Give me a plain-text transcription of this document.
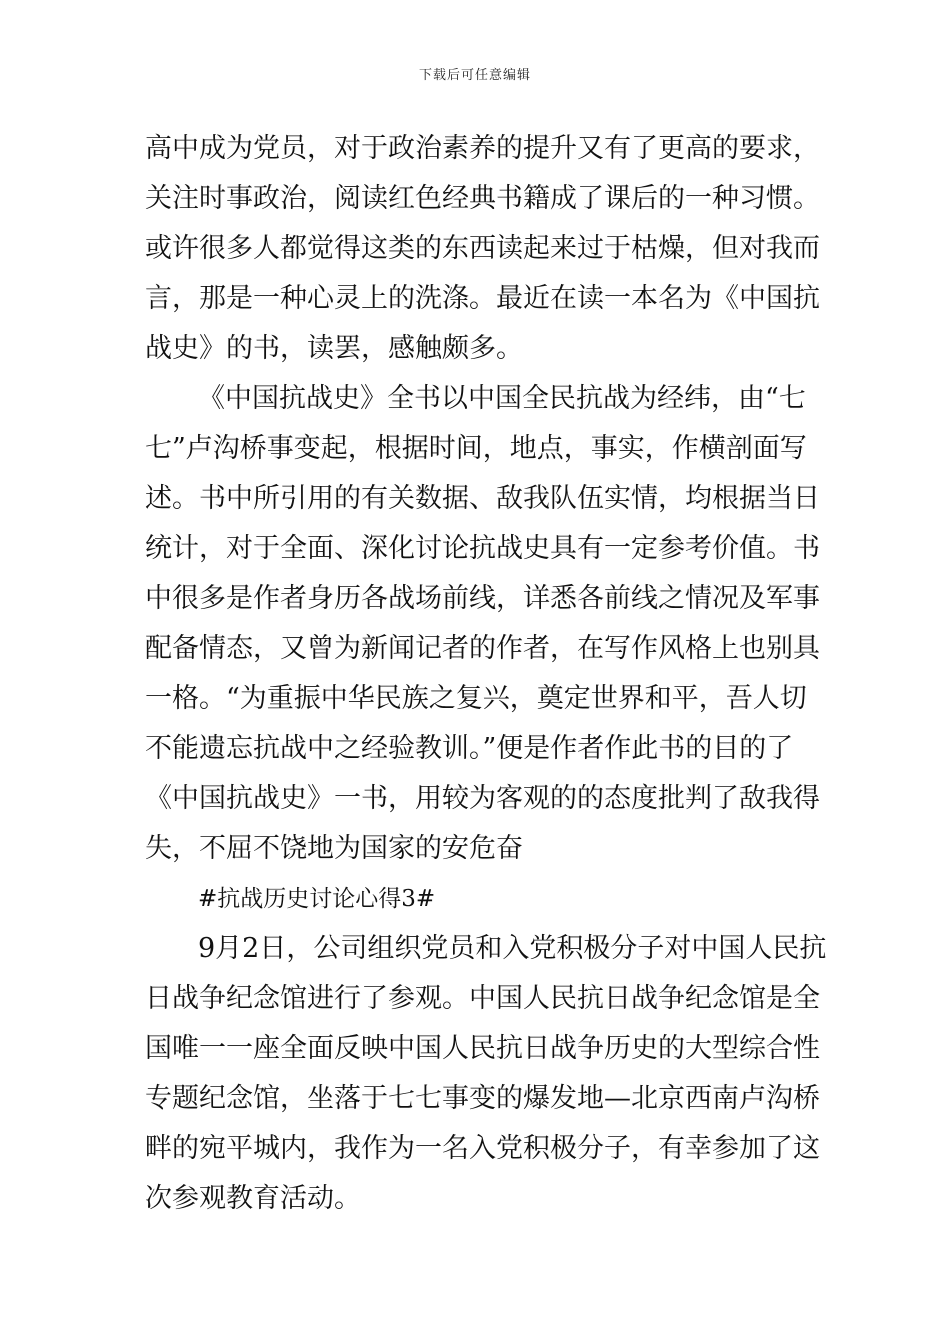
下载后可任意编辑
高中成为党员，对于政治素养的提升又有了更高的要求，
关注时事政治，阅读红色经典书籍成了课后的一种习惯。
或许很多人都觉得这类的东西读起来过于枯燥，但对我而
言，那是一种心灵上的洗涤。最近在读一本名为《中国抗
战史》的书，读罢，感触颇多。
《中国抗战史》全书以中国全民抗战为经纬，由“七
七”卢沟桥事变起，根据时间，地点，事实，作横剖面写
述。书中所引用的有关数据、敌我队伍实情，均根据当日
统计，对于全面、深化讨论抗战史具有一定参考价值。书
中很多是作者身历各战场前线，详悉各前线之情况及军事
配备情态，又曾为新闻记者的作者，在写作风格上也别具
一格。“为重振中华民族之复兴，奠定世界和平，吾人切
不能遗忘抗战中之经验教训。”便是作者作此书的目的了
《中国抗战史》一书，用较为客观的的态度批判了敌我得
失，不屈不饶地为国家的安危奋
#抗战历史讨论心得3#
9月2日，公司组织党员和入党积极分子对中国人民抗
日战争纪念馆进行了参观。中国人民抗日战争纪念馆是全
国唯一一座全面反映中国人民抗日战争历史的大型综合性
专题纪念馆，坐落于七七事变的爆发地—北京西南卢沟桥
畔的宛平城内，我作为一名入党积极分子，有幸参加了这
次参观教育活动。
